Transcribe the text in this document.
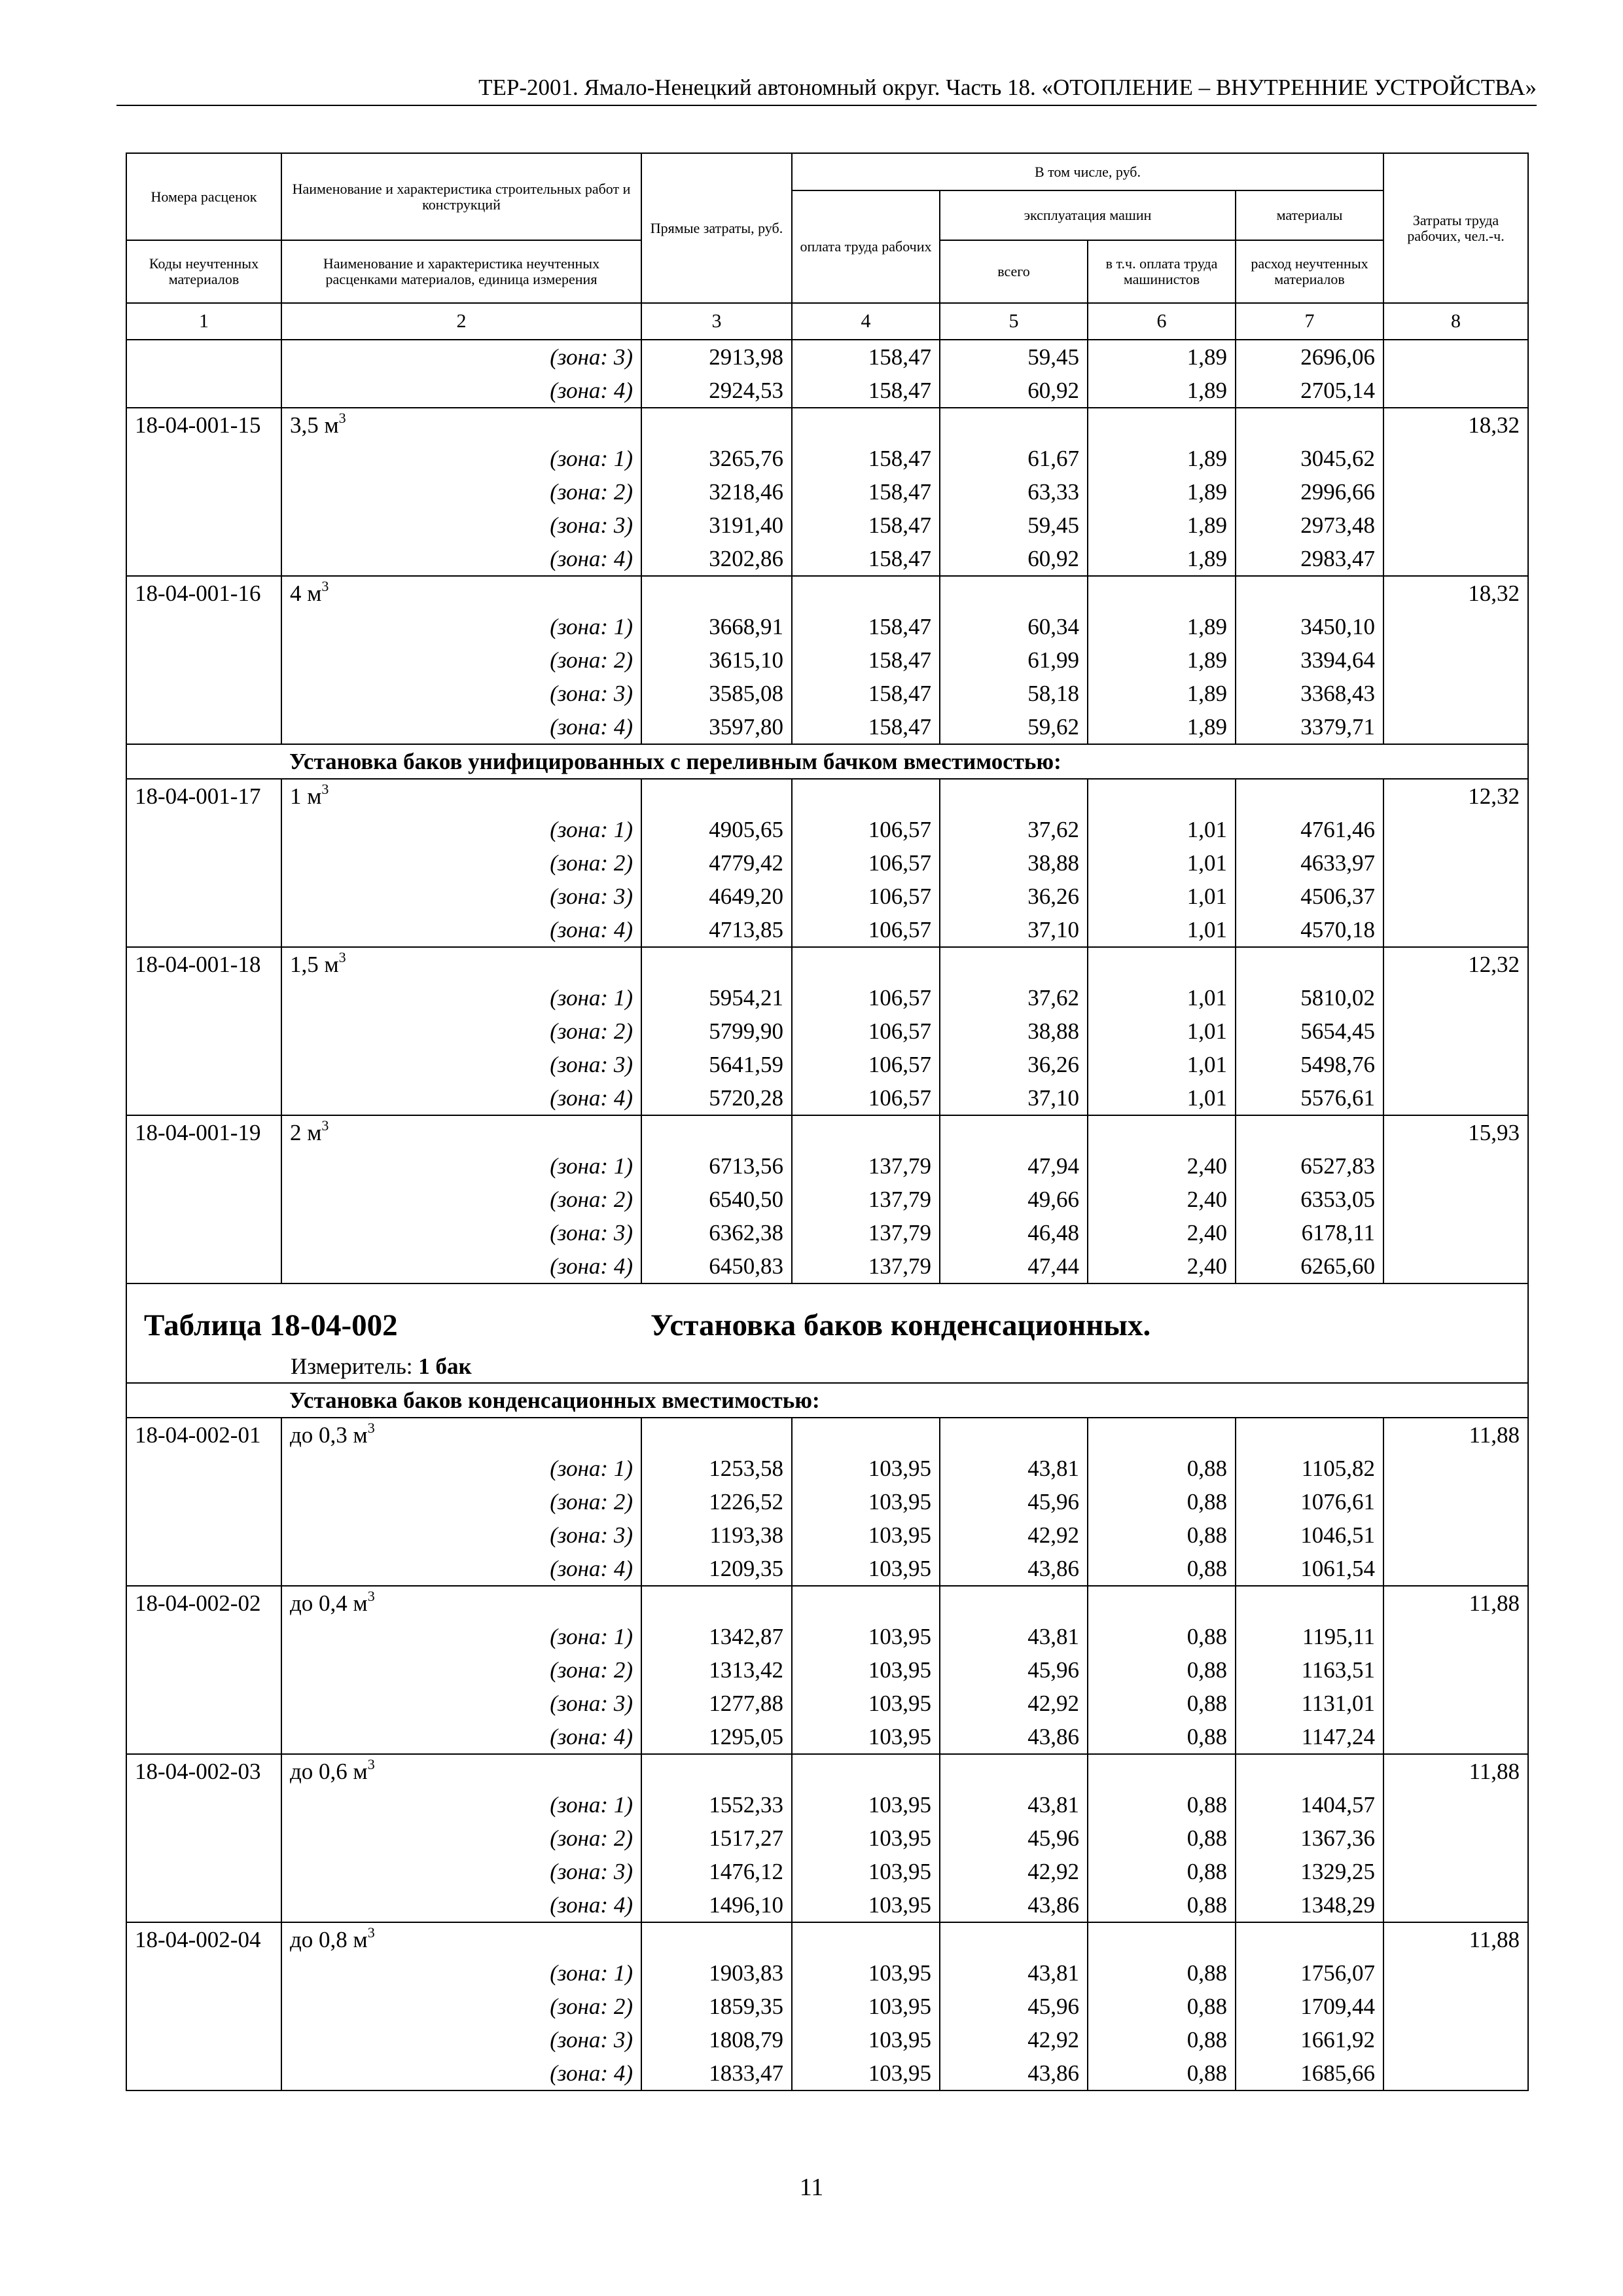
ТЕР-2001. Ямало-Ненецкий автономный округ. Часть 18. «ОТОПЛЕНИЕ – ВНУТРЕННИЕ УСТРОЙСТВА»
Номера расценок	Наименование и характеристика строительных работ и конструкций	Прямые затраты, руб.	В том числе, руб.				Затраты труда рабочих, чел.-ч.
			оплата труда рабочих	эксплуатация машин		материалы	
Коды неучтенных материалов	Наименование и характеристика неучтенных расценками материалов, единица измерения			всего	в т.ч. оплата труда машинистов	расход неучтенных материалов	
1	2	3	4	5	6	7	8
	(зона: 3)	2913,98	158,47	59,45	1,89	2696,06	
	(зона: 4)	2924,53	158,47	60,92	1,89	2705,14	
18-04-001-15	3,5 $м^3$						18,32
	(зона: 1)	3265,76	158,47	61,67	1,89	3045,62	
	(зона: 2)	3218,46	158,47	63,33	1,89	2996,66	
	(зона: 3)	3191,40	158,47	59,45	1,89	2973,48	
	(зона: 4)	3202,86	158,47	60,92	1,89	2983,47	
18-04-001-16	4 $м^3$						18,32
	(зона: 1)	3668,91	158,47	60,34	1,89	3450,10	
	(зона: 2)	3615,10	158,47	61,99	1,89	3394,64	
	(зона: 3)	3585,08	158,47	58,18	1,89	3368,43	
	(зона: 4)	3597,80	158,47	59,62	1,89	3379,71	
Установка баков унифицированных с переливным бачком вместимостью:							
18-04-001-17	1 $м^3$						12,32
	(зона: 1)	4905,65	106,57	37,62	1,01	4761,46	
	(зона: 2)	4779,42	106,57	38,88	1,01	4633,97	
	(зона: 3)	4649,20	106,57	36,26	1,01	4506,37	
	(зона: 4)	4713,85	106,57	37,10	1,01	4570,18	
18-04-001-18	1,5 $м^3$						12,32
	(зона: 1)	5954,21	106,57	37,62	1,01	5810,02	
	(зона: 2)	5799,90	106,57	38,88	1,01	5654,45	
	(зона: 3)	5641,59	106,57	36,26	1,01	5498,76	
	(зона: 4)	5720,28	106,57	37,10	1,01	5576,61	
18-04-001-19	2 $м^3$						15,93
	(зона: 1)	6713,56	137,79	47,94	2,40	6527,83	
	(зона: 2)	6540,50	137,79	49,66	2,40	6353,05	
	(зона: 3)	6362,38	137,79	46,48	2,40	6178,11	
	(зона: 4)	6450,83	137,79	47,44	2,40	6265,60	

Таблица 18-04-002 Установка баков конденсационных.
Измеритель: 1 бак							

Установка баков конденсационных вместимостью:							
18-04-002-01	до 0,3 $м^3$						11,88
	(зона: 1)	1253,58	103,95	43,81	0,88	1105,82	
	(зона: 2)	1226,52	103,95	45,96	0,88	1076,61	
	(зона: 3)	1193,38	103,95	42,92	0,88	1046,51	
	(зона: 4)	1209,35	103,95	43,86	0,88	1061,54	
18-04-002-02	до 0,4 $м^3$						11,88
	(зона: 1)	1342,87	103,95	43,81	0,88	1195,11	
	(зона: 2)	1313,42	103,95	45,96	0,88	1163,51	
	(зона: 3)	1277,88	103,95	42,92	0,88	1131,01	
	(зона: 4)	1295,05	103,95	43,86	0,88	1147,24	
18-04-002-03	до 0,6 $м^3$						11,88
	(зона: 1)	1552,33	103,95	43,81	0,88	1404,57	
	(зона: 2)	1517,27	103,95	45,96	0,88	1367,36	
	(зона: 3)	1476,12	103,95	42,92	0,88	1329,25	
	(зона: 4)	1496,10	103,95	43,86	0,88	1348,29	
18-04-002-04	до 0,8 $м^3$						11,88
	(зона: 1)	1903,83	103,95	43,81	0,88	1756,07	
	(зона: 2)	1859,35	103,95	45,96	0,88	1709,44	
	(зона: 3)	1808,79	103,95	42,92	0,88	1661,92	
	(зона: 4)	1833,47	103,95	43,86	0,88	1685,66	
11
